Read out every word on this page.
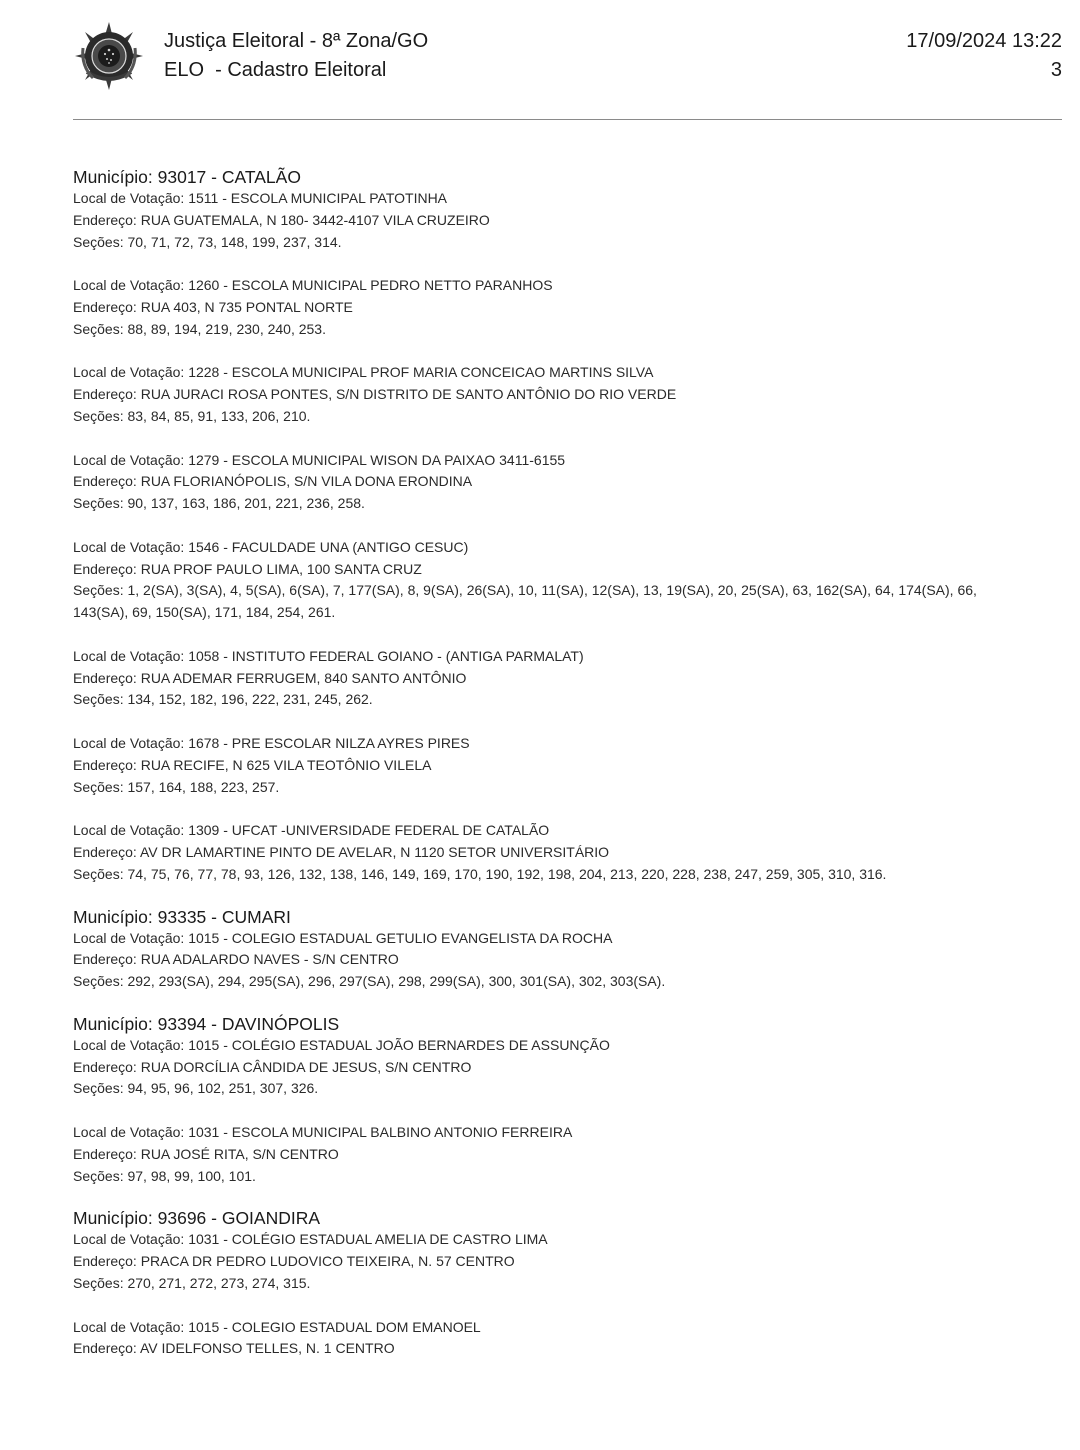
Justiça Eleitoral - 8ª Zona/GO
ELO  - Cadastro Eleitoral
17/09/2024 13:22
3
Município: 93017 - CATALÃO
Local de Votação: 1511 - ESCOLA MUNICIPAL PATOTINHA
Endereço: RUA GUATEMALA, N 180- 3442-4107 VILA CRUZEIRO
Seções: 70, 71, 72, 73, 148, 199, 237, 314.
Local de Votação: 1260 - ESCOLA MUNICIPAL PEDRO NETTO PARANHOS
Endereço: RUA 403, N 735 PONTAL NORTE
Seções: 88, 89, 194, 219, 230, 240, 253.
Local de Votação: 1228 - ESCOLA MUNICIPAL PROF MARIA CONCEICAO MARTINS SILVA
Endereço: RUA JURACI ROSA PONTES, S/N DISTRITO DE SANTO ANTÔNIO DO RIO VERDE
Seções: 83, 84, 85, 91, 133, 206, 210.
Local de Votação: 1279 - ESCOLA MUNICIPAL WISON DA PAIXAO 3411-6155
Endereço: RUA FLORIANÓPOLIS, S/N VILA DONA ERONDINA
Seções: 90, 137, 163, 186, 201, 221, 236, 258.
Local de Votação: 1546 - FACULDADE UNA (ANTIGO CESUC)
Endereço: RUA PROF PAULO LIMA, 100 SANTA CRUZ
Seções: 1, 2(SA), 3(SA), 4, 5(SA), 6(SA), 7, 177(SA), 8, 9(SA), 26(SA), 10, 11(SA), 12(SA), 13, 19(SA), 20, 25(SA), 63, 162(SA), 64, 174(SA), 66, 143(SA), 69, 150(SA), 171, 184, 254, 261.
Local de Votação: 1058 - INSTITUTO FEDERAL GOIANO - (ANTIGA PARMALAT)
Endereço: RUA ADEMAR FERRUGEM, 840 SANTO ANTÔNIO
Seções: 134, 152, 182, 196, 222, 231, 245, 262.
Local de Votação: 1678 - PRE ESCOLAR NILZA AYRES PIRES
Endereço: RUA RECIFE, N 625 VILA TEOTÔNIO VILELA
Seções: 157, 164, 188, 223, 257.
Local de Votação: 1309 - UFCAT -UNIVERSIDADE FEDERAL DE CATALÃO
Endereço: AV DR LAMARTINE PINTO DE AVELAR, N 1120 SETOR UNIVERSITÁRIO
Seções: 74, 75, 76, 77, 78, 93, 126, 132, 138, 146, 149, 169, 170, 190, 192, 198, 204, 213, 220, 228, 238, 247, 259, 305, 310, 316.
Município: 93335 - CUMARI
Local de Votação: 1015 - COLEGIO ESTADUAL GETULIO EVANGELISTA DA ROCHA
Endereço: RUA ADALARDO NAVES - S/N CENTRO
Seções: 292, 293(SA), 294, 295(SA), 296, 297(SA), 298, 299(SA), 300, 301(SA), 302, 303(SA).
Município: 93394 - DAVINÓPOLIS
Local de Votação: 1015 - COLÉGIO ESTADUAL JOÃO BERNARDES DE ASSUNÇÃO
Endereço: RUA DORCÍLIA CÂNDIDA DE JESUS, S/N CENTRO
Seções: 94, 95, 96, 102, 251, 307, 326.
Local de Votação: 1031 - ESCOLA MUNICIPAL BALBINO ANTONIO FERREIRA
Endereço: RUA JOSÉ RITA, S/N CENTRO
Seções: 97, 98, 99, 100, 101.
Município: 93696 - GOIANDIRA
Local de Votação: 1031 - COLÉGIO ESTADUAL AMELIA DE CASTRO LIMA
Endereço: PRACA DR PEDRO LUDOVICO TEIXEIRA, N. 57 CENTRO
Seções: 270, 271, 272, 273, 274, 315.
Local de Votação: 1015 - COLEGIO ESTADUAL DOM EMANOEL
Endereço: AV IDELFONSO TELLES, N. 1 CENTRO
